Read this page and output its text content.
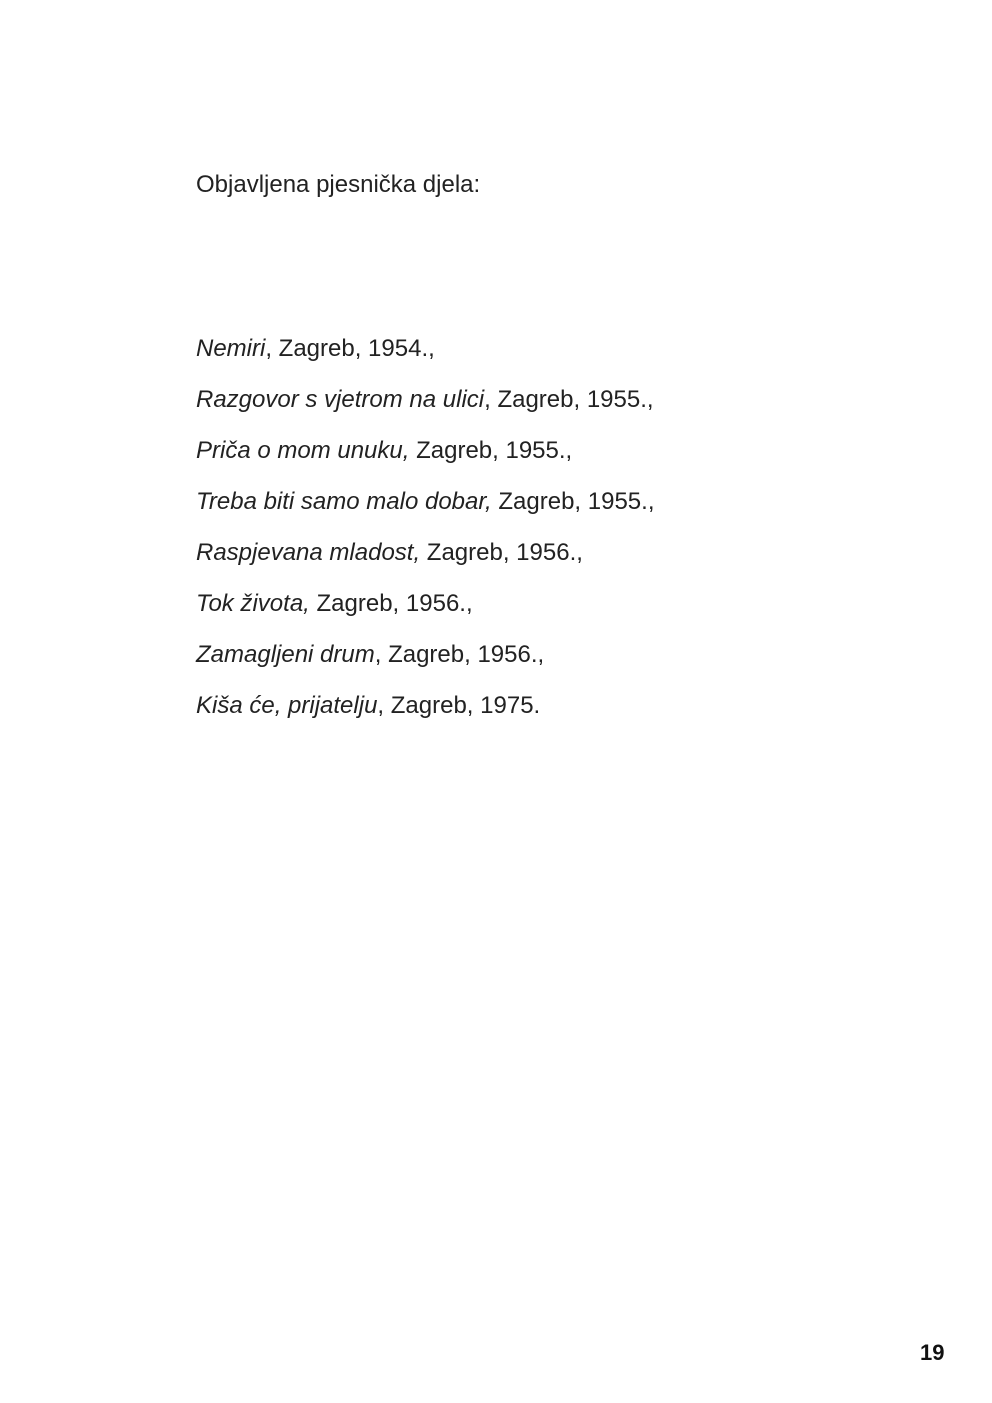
Objavljena pjesnička djela:
Nemiri, Zagreb, 1954.,
Razgovor s vjetrom na ulici, Zagreb, 1955.,
Priča o mom unuku, Zagreb, 1955.,
Treba biti samo malo dobar, Zagreb, 1955.,
Raspjevana mladost, Zagreb, 1956.,
Tok života, Zagreb, 1956.,
Zamagljeni drum, Zagreb, 1956.,
Kiša će, prijatelju, Zagreb, 1975.
19
